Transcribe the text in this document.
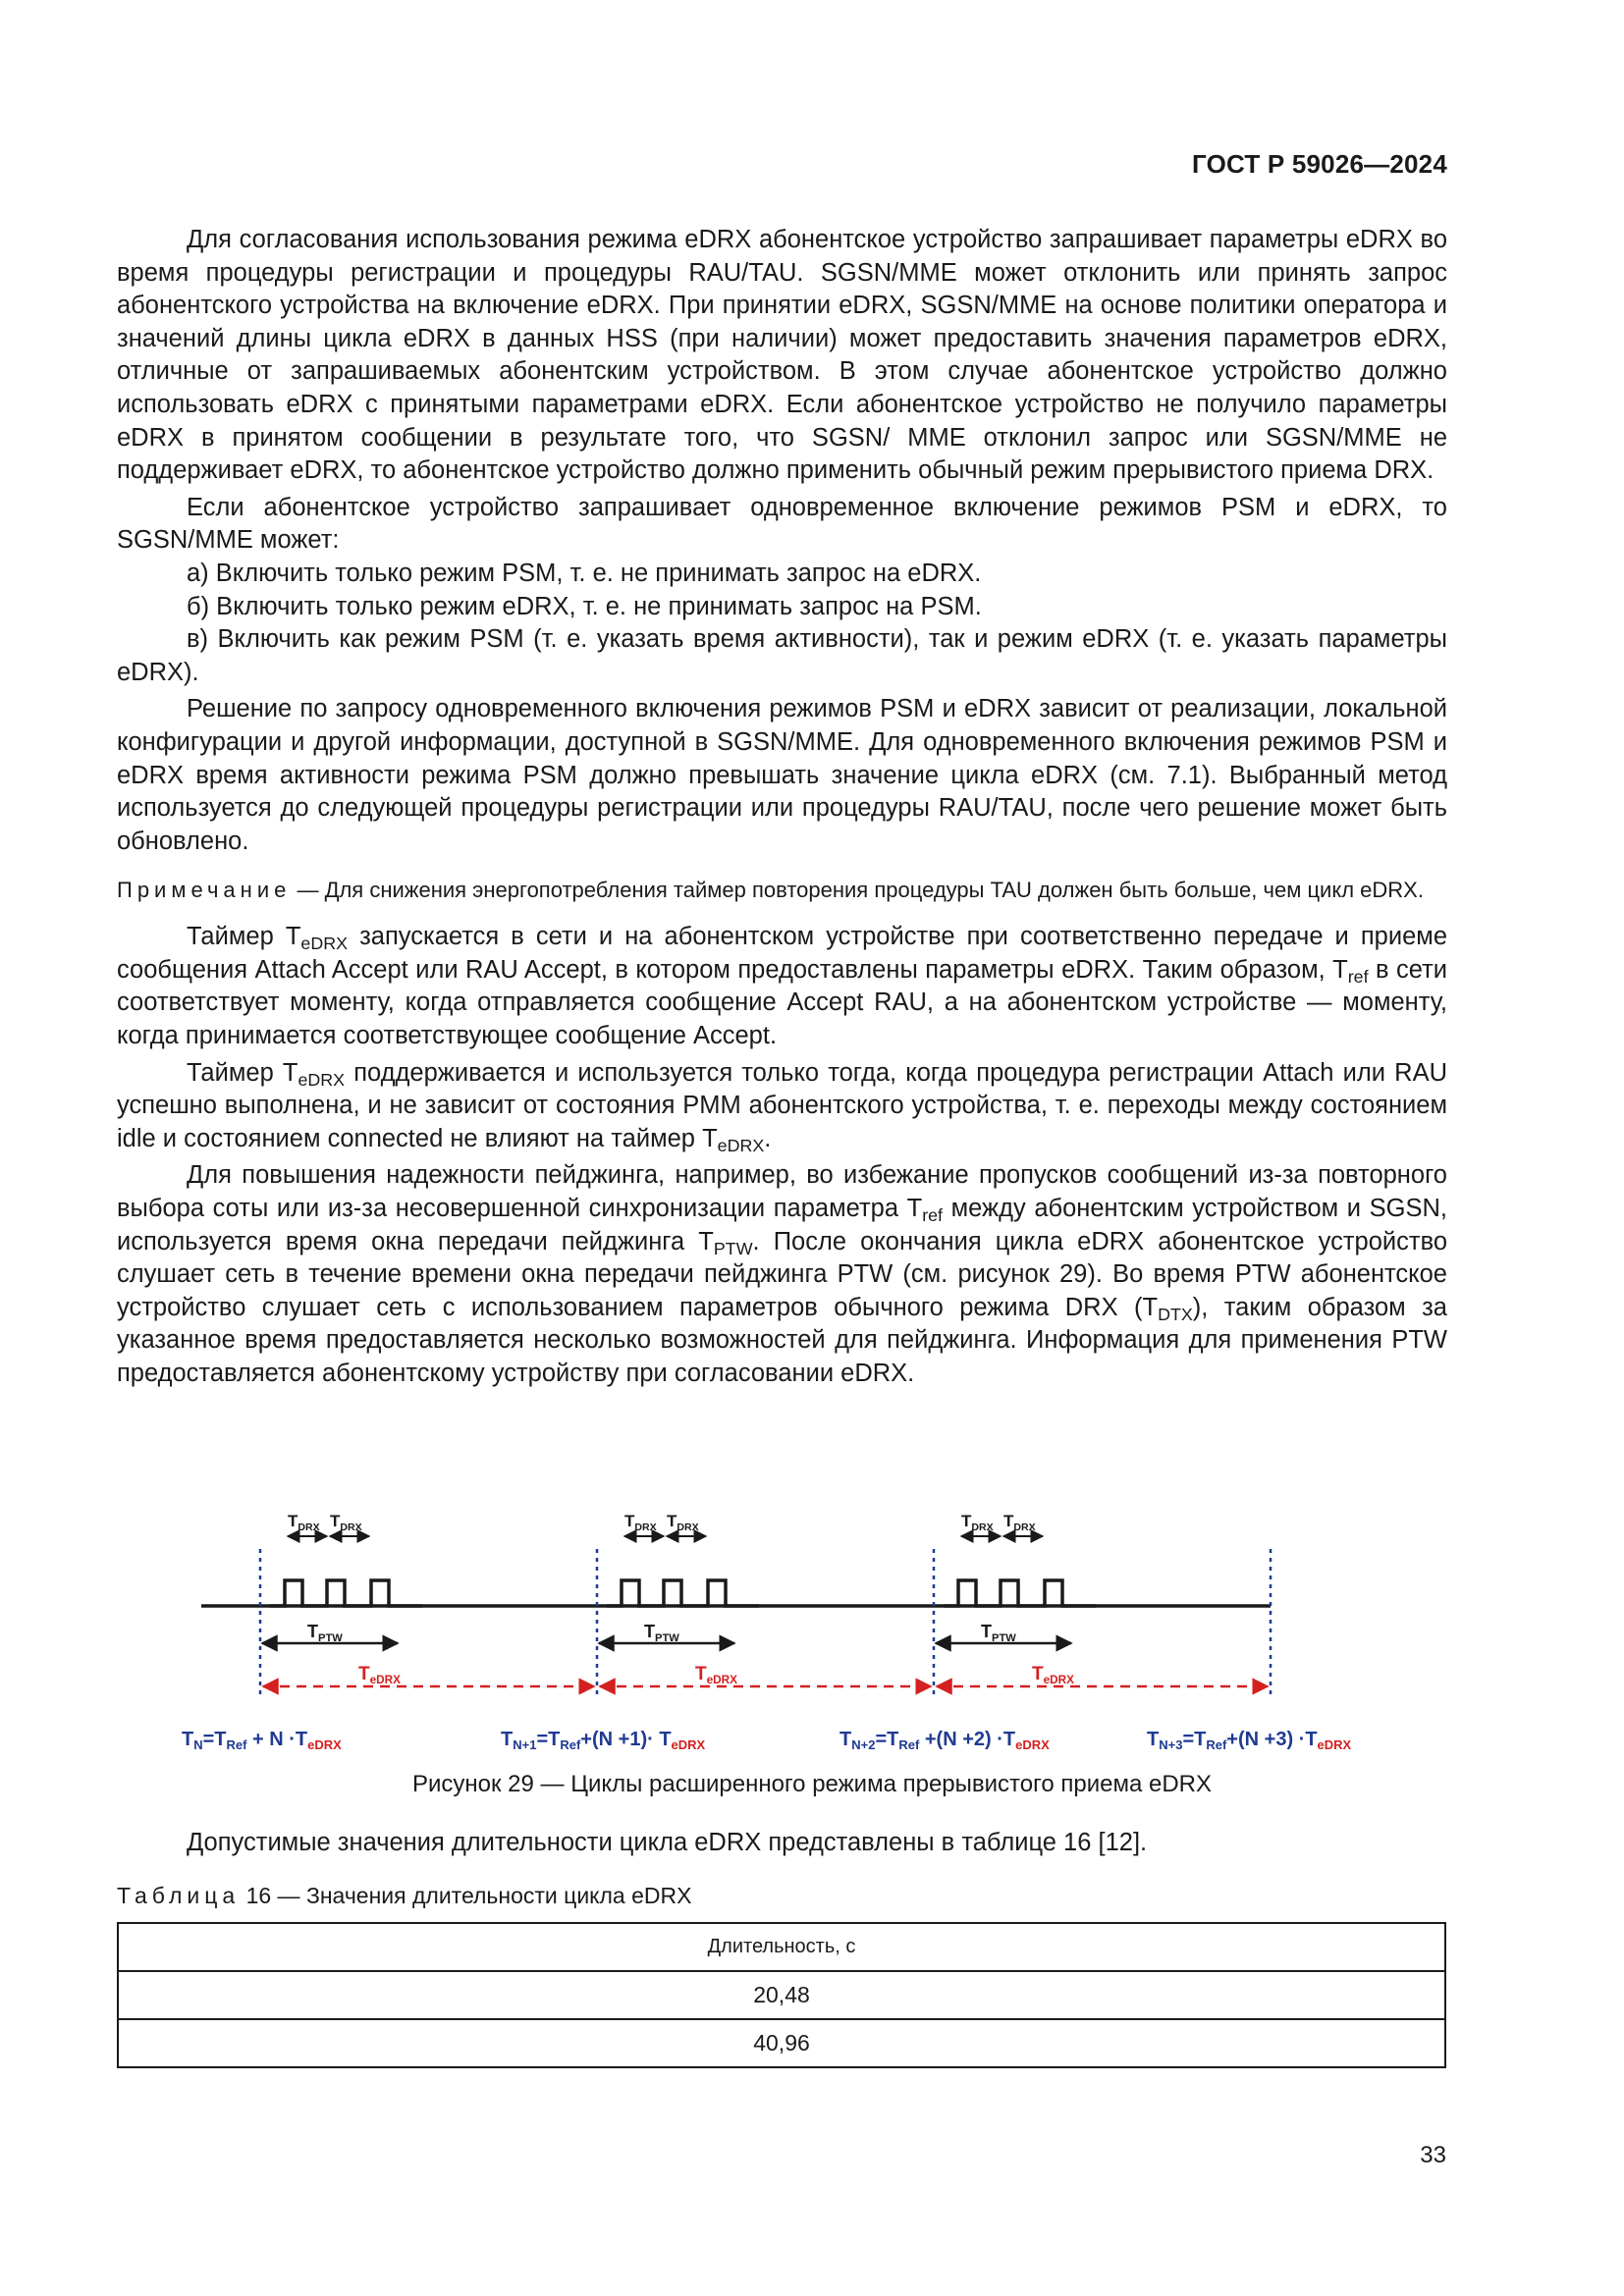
ГОСТ Р 59026—2024

Для согласования использования режима eDRX абонентское устройство запрашивает параметры eDRX во время процедуры регистрации и процедуры RAU/TAU. SGSN/MME может отклонить или принять запрос абонентского устройства на включение eDRX. При принятии eDRX, SGSN/MME на основе политики оператора и значений длины цикла eDRX в данных HSS (при наличии) может предоставить значения параметров eDRX, отличные от запрашиваемых абонентским устройством. В этом случае абонентское устройство должно использовать eDRX с принятыми параметрами eDRX. Если абонентское устройство не получило параметры eDRX в принятом сообщении в результате того, что SGSN/ MME отклонил запрос или SGSN/MME не поддерживает eDRX, то абонентское устройство должно применить обычный режим прерывистого приема DRX.

Если абонентское устройство запрашивает одновременное включение режимов PSM и eDRX, то SGSN/MME может:

а) Включить только режим PSM, т. е. не принимать запрос на eDRX.

б) Включить только режим eDRX, т. е. не принимать запрос на PSM.

в) Включить как режим PSM (т. е. указать время активности), так и режим eDRX (т. е. указать параметры eDRX).

Решение по запросу одновременного включения режимов PSM и eDRX зависит от реализации, локальной конфигурации и другой информации, доступной в SGSN/MME. Для одновременного включения режимов PSM и eDRX время активности режима PSM должно превышать значение цикла eDRX (см. 7.1). Выбранный метод используется до следующей процедуры регистрации или процедуры RAU/TAU, после чего решение может быть обновлено.

Примечание — Для снижения энергопотребления таймер повторения процедуры TAU должен быть больше, чем цикл eDRX.

Таймер $T_{eDRX}$ запускается в сети и на абонентском устройстве при соответственно передаче и приеме сообщения Attach Accept или RAU Accept, в котором предоставлены параметры eDRX. Таким образом, $T_{ref}$ в сети соответствует моменту, когда отправляется сообщение Accept RAU, а на абонентском устройстве — моменту, когда принимается соответствующее сообщение Accept.

Таймер $T_{eDRX}$ поддерживается и используется только тогда, когда процедура регистрации Attach или RAU успешно выполнена, и не зависит от состояния PMM абонентского устройства, т. е. переходы между состоянием idle и состоянием connected не влияют на таймер $T_{eDRX}$.

Для повышения надежности пейджинга, например, во избежание пропусков сообщений из-за повторного выбора соты или из-за несовершенной синхронизации параметра $T_{ref}$ между абонентским устройством и SGSN, используется время окна передачи пейджинга $T_{PTW}$. После окончания цикла eDRX абонентское устройство слушает сеть в течение времени окна передачи пейджинга PTW (см. рисунок 29). Во время PTW абонентское устройство слушает сеть с использованием параметров обычного режима DRX $(T_{DTX})$, таким образом за указанное время предоставляется несколько возможностей для пейджинга. Информация для применения PTW предоставляется абонентскому устройству при согласовании eDRX.

$T_{DRX}$ $T_{DRX}$
$T_{PTW}$
$T_{eDRX}$
$T_{DRX}$ $T_{DRX}$
$T_{PTW}$
$T_{eDRX}$
$T_{DRX}$ $T_{DRX}$
$T_{PTW}$
$T_{eDRX}$
$T_N=T_{Ref} + N \cdot T_{eDRX}$	$T_{N+1}=T_{Ref}+(N +1)\cdot T_{eDRX}$	$T_{N+2}=T_{Ref} +(N +2) \cdot T_{eDRX}$	$T_{N+3}=T_{Ref}+(N +3) \cdot T_{eDRX}$
Рисунок 29 — Циклы расширенного режима прерывистого приема eDRX
Допустимые значения длительности цикла eDRX представлены в таблице 16 [12].
Таблица 16 — Значения длительности цикла eDRX
Длительность, с
20,48
40,96
33
